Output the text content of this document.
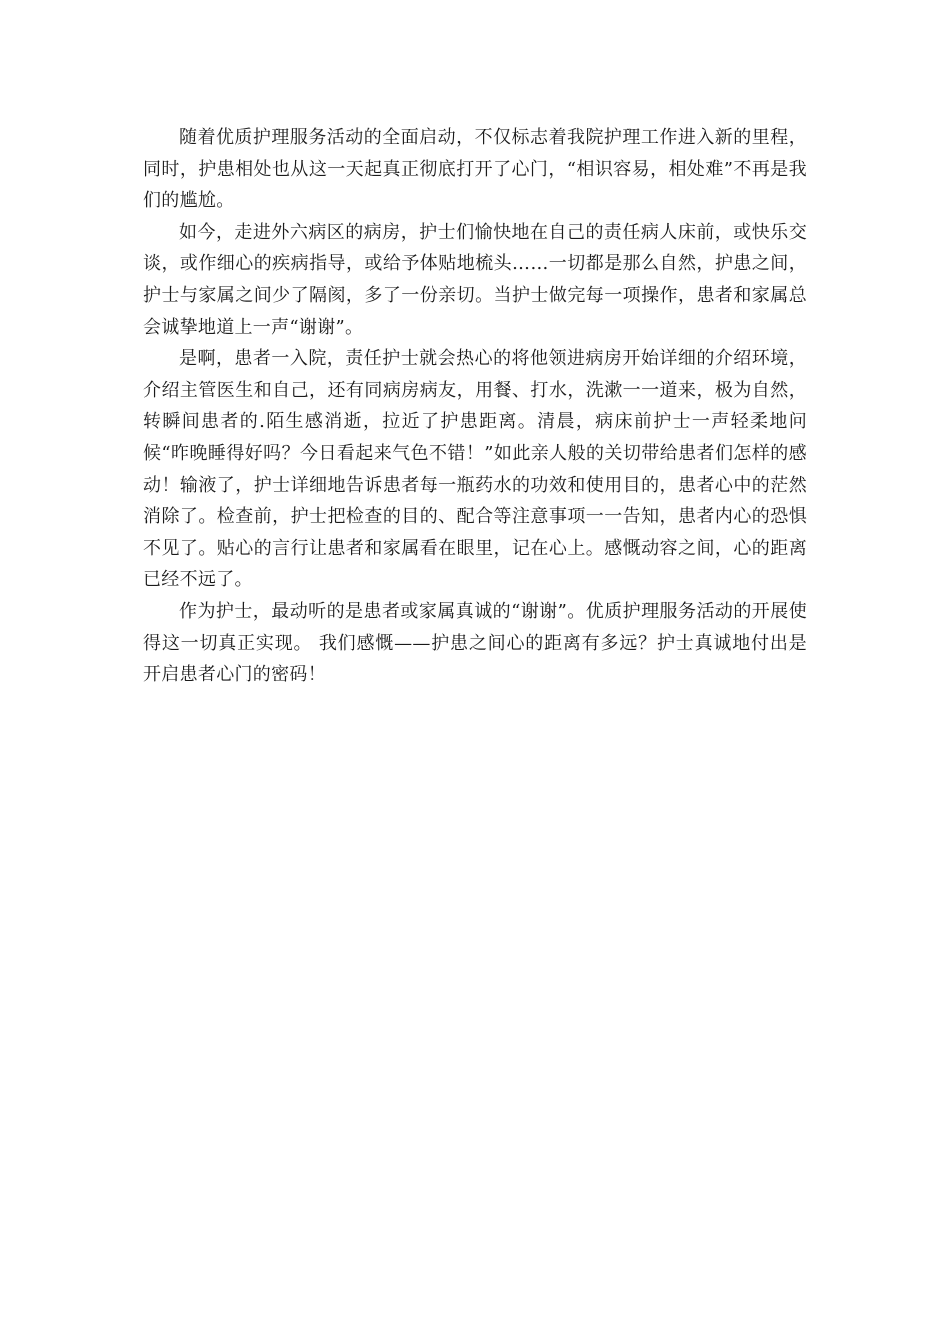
随着优质护理服务活动的全面启动，不仅标志着我院护理工作进入新的里程，同时，护患相处也从这一天起真正彻底打开了心门，“相识容易，相处难”不再是我们的尴尬。

如今，走进外六病区的病房，护士们愉快地在自己的责任病人床前，或快乐交谈，或作细心的疾病指导，或给予体贴地梳头……一切都是那么自然，护患之间，护士与家属之间少了隔阂，多了一份亲切。当护士做完每一项操作，患者和家属总会诚挚地道上一声“谢谢”。

是啊，患者一入院，责任护士就会热心的将他领进病房开始详细的介绍环境，介绍主管医生和自己，还有同病房病友，用餐、打水，洗漱一一道来，极为自然，转瞬间患者的.陌生感消逝，拉近了护患距离。清晨，病床前护士一声轻柔地问候“昨晚睡得好吗？今日看起来气色不错！”如此亲人般的关切带给患者们怎样的感动！输液了，护士详细地告诉患者每一瓶药水的功效和使用目的，患者心中的茫然消除了。检查前，护士把检查的目的、配合等注意事项一一告知，患者内心的恐惧不见了。贴心的言行让患者和家属看在眼里，记在心上。感慨动容之间，心的距离已经不远了。

作为护士，最动听的是患者或家属真诚的“谢谢”。优质护理服务活动的开展使得这一切真正实现。 我们感慨——护患之间心的距离有多远？护士真诚地付出是开启患者心门的密码！
